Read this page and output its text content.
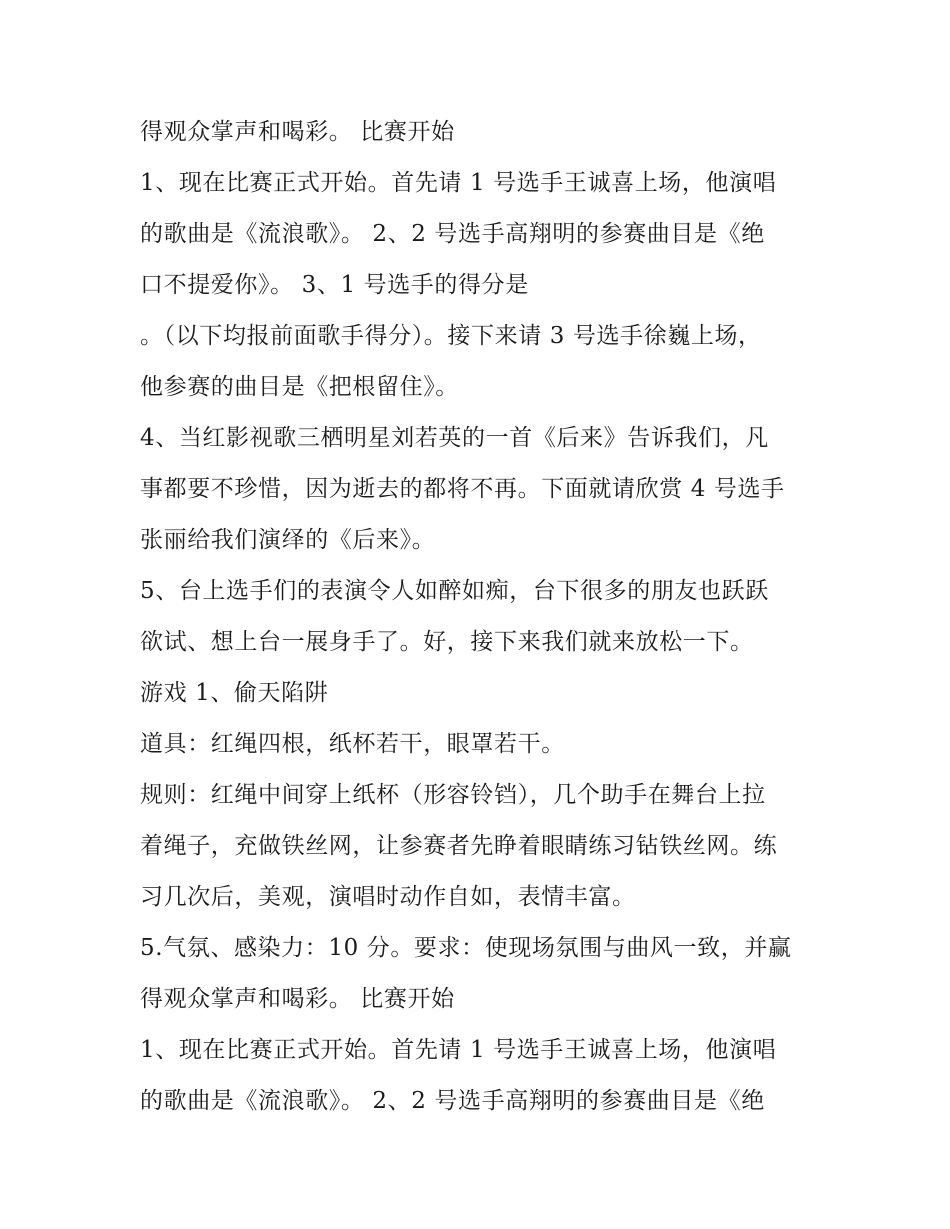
得观众掌声和喝彩。 比赛开始
1、现在比赛正式开始。首先请 1 号选手王诚喜上场，他演唱
的歌曲是《流浪歌》。 2、2 号选手高翔明的参赛曲目是《绝
口不提爱你》。 3、1 号选手的得分是
。（以下均报前面歌手得分）。接下来请 3 号选手徐巍上场，
他参赛的曲目是《把根留住》。
4、当红影视歌三栖明星刘若英的一首《后来》告诉我们，凡
事都要不珍惜，因为逝去的都将不再。下面就请欣赏 4 号选手
张丽给我们演绎的《后来》。
5、台上选手们的表演令人如醉如痴，台下很多的朋友也跃跃
欲试、想上台一展身手了。好，接下来我们就来放松一下。
游戏 1、偷天陷阱
道具：红绳四根，纸杯若干，眼罩若干。
规则：红绳中间穿上纸杯（形容铃铛），几个助手在舞台上拉
着绳子，充做铁丝网，让参赛者先睁着眼睛练习钻铁丝网。练
习几次后，美观，演唱时动作自如，表情丰富。
5.气氛、感染力：10 分。要求：使现场氛围与曲风一致，并赢
得观众掌声和喝彩。 比赛开始
1、现在比赛正式开始。首先请 1 号选手王诚喜上场，他演唱
的歌曲是《流浪歌》。 2、2 号选手高翔明的参赛曲目是《绝
